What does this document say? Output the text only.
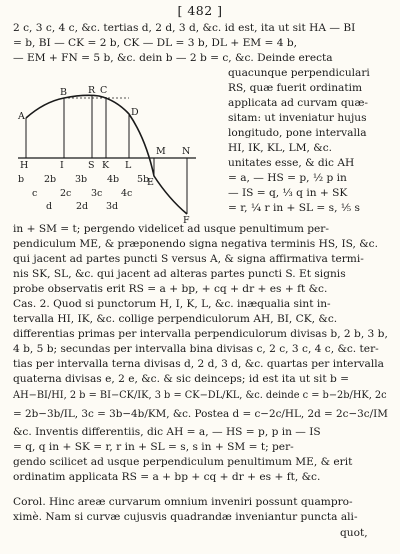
[ 482 ]
2 c, 3 c, 4 c, &c. tertias d, 2 d, 3 d, &c. id est, ita ut sit HA — BI
= b, BI — CK = 2 b, CK — DL = 3 b, DL + EM = 4 b,
— EM + FN = 5 b, &c. dein b — 2 b = c, &c. Deinde erecta
quacunque perpendiculari
RS, quæ fuerit ordinatim
applicata ad curvam quæ-
sitam: ut inveniatur hujus
longitudo, pone intervalla
HI, IK, KL, LM, &c.
unitates esse, & dic AH
= a, — HS = p, ½ p in
— IS = q, ⅓ q in + SK
= r, ¼ r in + SL = s, ⅕ s
A
B R C
D
E
F
H	I	S K L
M N
b 2b 3b 4b 5b
c 2c 3c 4c
d	2d 3d
in + SM = t; pergendo videlicet ad usque penultimum per-
pendiculum ME, & præponendo signa negativa terminis HS, IS, &c.
qui jacent ad partes puncti S versus A, & signa affirmativa termi-
nis SK, SL, &c. qui jacent ad alteras partes puncti S. Et signis
probe observatis erit RS = a + bp, + cq + dr + es + ft &c.
Cas. 2. Quod si punctorum H, I, K, L, &c. inæqualia sint in-
tervalla HI, IK, &c. collige perpendiculorum AH, BI, CK, &c.
differentias primas per intervalla perpendiculorum divisas b, 2 b, 3 b,
4 b, 5 b; secundas per intervalla bina divisas c, 2 c, 3 c, 4 c, &c. ter-
tias per intervalla terna divisas d, 2 d, 3 d, &c. quartas per intervalla
quaterna divisas e, 2 e, &c. & sic deinceps; id est ita ut sit b =
AH−BI/HI, 2 b = BI−CK/IK, 3 b = CK−DL/KL, &c. deinde c = b−2b/HK, 2c
= 2b−3b/IL, 3c = 3b−4b/KM, &c. Postea d = c−2c/HL, 2d = 2c−3c/IM
&c. Inventis differentiis, dic AH = a, — HS = p, p in — IS
= q, q in + SK = r, r in + SL = s, s in + SM = t; per-
gendo scilicet ad usque perpendiculum penultimum ME, & erit
ordinatim applicata RS = a + bp + cq + dr + es + ft, &c.
Corol. Hinc areæ curvarum omnium inveniri possunt quampro-
ximè. Nam si curvæ cujusvis quadrandæ inveniantur puncta ali-
quot,
